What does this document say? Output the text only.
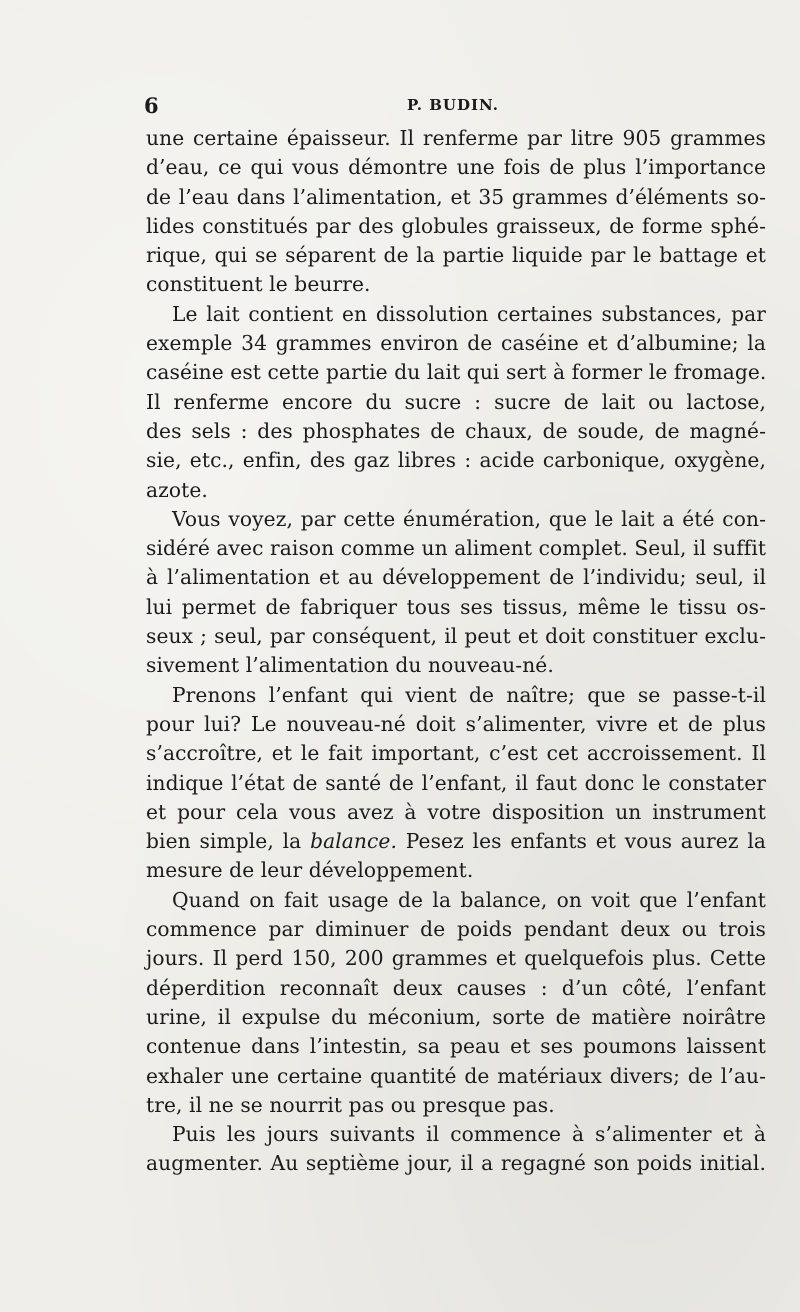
6	P. BUDIN.
une certaine épaisseur. Il renferme par litre 905 grammes
d’eau, ce qui vous démontre une fois de plus l’importance
de l’eau dans l’alimentation, et 35 grammes d’éléments so-
lides constitués par des globules graisseux, de forme sphé-
rique, qui se séparent de la partie liquide par le battage et
constituent le beurre.
Le lait contient en dissolution certaines substances, par
exemple 34 grammes environ de caséine et d’albumine; la
caséine est cette partie du lait qui sert à former le fromage.
Il renferme encore du sucre : sucre de lait ou lactose,
des sels : des phosphates de chaux, de soude, de magné-
sie, etc., enfin, des gaz libres : acide carbonique, oxygène,
azote.
Vous voyez, par cette énumération, que le lait a été con-
sidéré avec raison comme un aliment complet. Seul, il suffit
à l’alimentation et au développement de l’individu; seul, il
lui permet de fabriquer tous ses tissus, même le tissu os-
seux ; seul, par conséquent, il peut et doit constituer exclu-
sivement l’alimentation du nouveau-né.
Prenons l’enfant qui vient de naître; que se passe-t-il
pour lui? Le nouveau-né doit s’alimenter, vivre et de plus
s’accroître, et le fait important, c’est cet accroissement. Il
indique l’état de santé de l’enfant, il faut donc le constater
et pour cela vous avez à votre disposition un instrument
bien simple, la balance. Pesez les enfants et vous aurez la
mesure de leur développement.
Quand on fait usage de la balance, on voit que l’enfant
commence par diminuer de poids pendant deux ou trois
jours. Il perd 150, 200 grammes et quelquefois plus. Cette
déperdition reconnaît deux causes : d’un côté, l’enfant
urine, il expulse du méconium, sorte de matière noirâtre
contenue dans l’intestin, sa peau et ses poumons laissent
exhaler une certaine quantité de matériaux divers; de l’au-
tre, il ne se nourrit pas ou presque pas.
Puis les jours suivants il commence à s’alimenter et à
augmenter. Au septième jour, il a regagné son poids initial.
